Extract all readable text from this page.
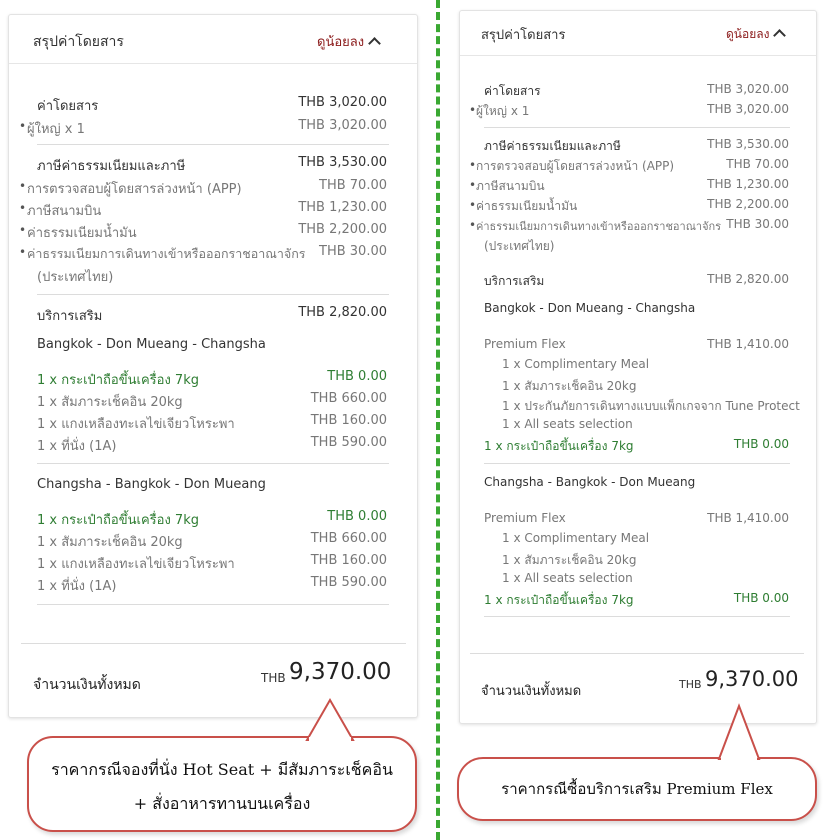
สรุปค่าโดยสาร	ดูน้อยลง
ค่าโดยสาร	THB 3,020.00
• ผู้ใหญ่ x 1	THB 3,020.00
ภาษีค่าธรรมเนียมและภาษี	THB 3,530.00
• การตรวจสอบผู้โดยสารล่วงหน้า (APP)	THB 70.00
• ภาษีสนามบิน	THB 1,230.00
• ค่าธรรมเนียมน้ำมัน	THB 2,200.00
• ค่าธรรมเนียมการเดินทางเข้าหรือออกราชอาณาจักร THB 30.00
(ประเทศไทย)
บริการเสริม	THB 2,820.00
Bangkok - Don Mueang - Changsha
1 x กระเป๋าถือขึ้นเครื่อง 7kg	THB 0.00
1 x สัมภาระเช็คอิน 20kg	THB 660.00
1 x แกงเหลืองทะเลไข่เจียวโหระพา	THB 160.00
1 x ที่นั่ง (1A)	THB 590.00
Changsha - Bangkok - Don Mueang
1 x กระเป๋าถือขึ้นเครื่อง 7kg	THB 0.00
1 x สัมภาระเช็คอิน 20kg	THB 660.00
1 x แกงเหลืองทะเลไข่เจียวโหระพา	THB 160.00
1 x ที่นั่ง (1A)	THB 590.00
จำนวนเงินทั้งหมด	THB 9,370.00
สรุปค่าโดยสาร	ดูน้อยลง
ค่าโดยสาร	THB 3,020.00
• ผู้ใหญ่ x 1	THB 3,020.00
ภาษีค่าธรรมเนียมและภาษี	THB 3,530.00
• การตรวจสอบผู้โดยสารล่วงหน้า (APP)	THB 70.00
• ภาษีสนามบิน	THB 1,230.00
• ค่าธรรมเนียมน้ำมัน	THB 2,200.00
• ค่าธรรมเนียมการเดินทางเข้าหรือออกราชอาณาจักร THB 30.00
(ประเทศไทย)
บริการเสริม	THB 2,820.00
Bangkok - Don Mueang - Changsha
Premium Flex	THB 1,410.00
1 x Complimentary Meal
1 x สัมภาระเช็คอิน 20kg
1 x ประกันภัยการเดินทางแบบแพ็กเกจจาก Tune Protect
1 x All seats selection
1 x กระเป๋าถือขึ้นเครื่อง 7kg	THB 0.00
Changsha - Bangkok - Don Mueang
Premium Flex	THB 1,410.00
1 x Complimentary Meal
1 x สัมภาระเช็คอิน 20kg
1 x All seats selection
1 x กระเป๋าถือขึ้นเครื่อง 7kg	THB 0.00
จำนวนเงินทั้งหมด	THB 9,370.00
ราคากรณีจองที่นั่ง Hot Seat + มีสัมภาระเช็คอิน
+ สั่งอาหารทานบนเครื่อง
ราคากรณีซื้อบริการเสริม Premium Flex
